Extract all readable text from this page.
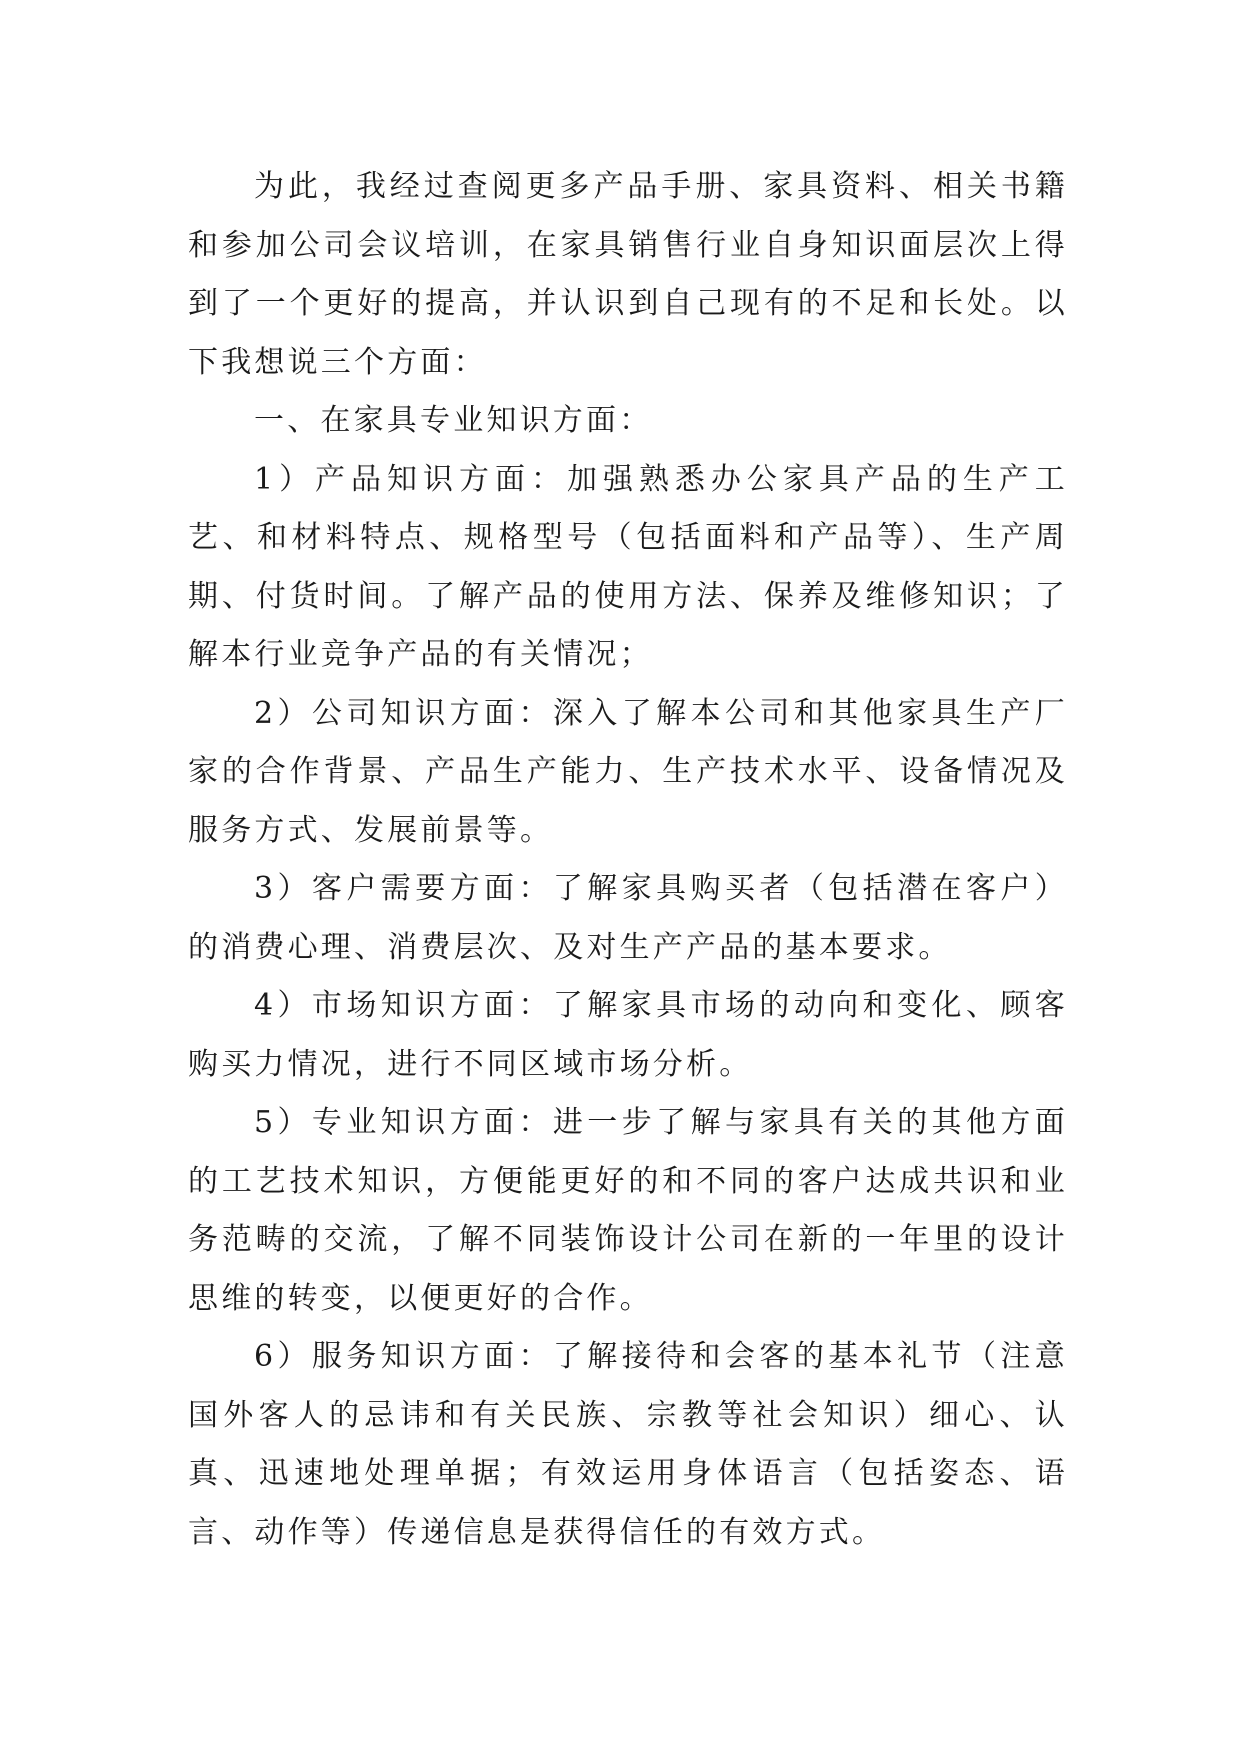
为此，我经过查阅更多产品手册、家具资料、相关书籍和参加公司会议培训，在家具销售行业自身知识面层次上得到了一个更好的提高，并认识到自己现有的不足和长处。以下我想说三个方面：

一、在家具专业知识方面：

1）产品知识方面：加强熟悉办公家具产品的生产工艺、和材料特点、规格型号（包括面料和产品等）、生产周期、付货时间。了解产品的使用方法、保养及维修知识；了解本行业竞争产品的有关情况；

2）公司知识方面：深入了解本公司和其他家具生产厂家的合作背景、产品生产能力、生产技术水平、设备情况及服务方式、发展前景等。

3）客户需要方面：了解家具购买者（包括潜在客户）的消费心理、消费层次、及对生产产品的基本要求。

4）市场知识方面：了解家具市场的动向和变化、顾客购买力情况，进行不同区域市场分析。

5）专业知识方面：进一步了解与家具有关的其他方面的工艺技术知识，方便能更好的和不同的客户达成共识和业务范畴的交流，了解不同装饰设计公司在新的一年里的设计思维的转变，以便更好的合作。

6）服务知识方面：了解接待和会客的基本礼节（注意国外客人的忌讳和有关民族、宗教等社会知识）细心、认真、迅速地处理单据；有效运用身体语言（包括姿态、语言、动作等）传递信息是获得信任的有效方式。
